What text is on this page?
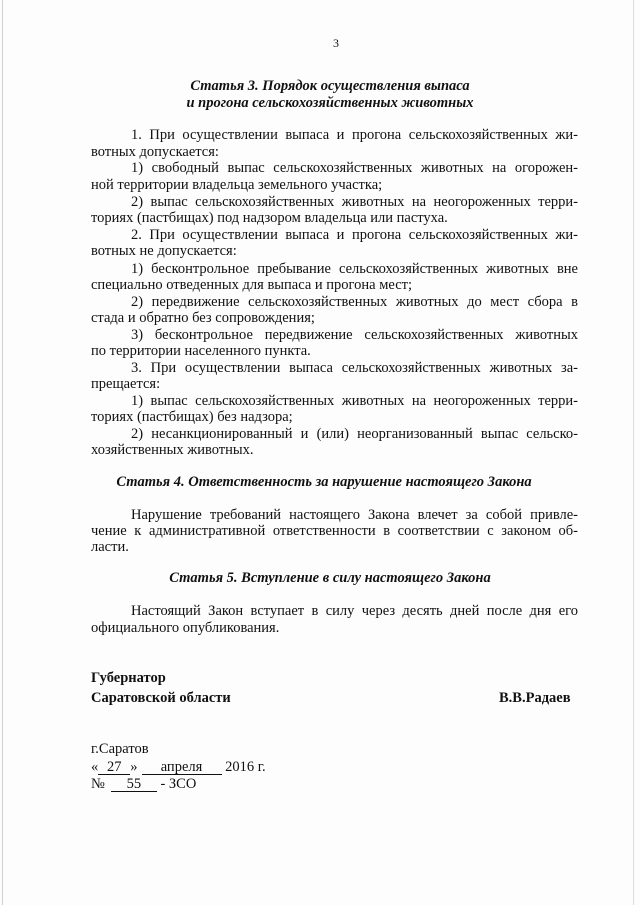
3
Статья 3. Порядок осуществления выпаса
и прогона сельскохозяйственных животных
1. При осуществлении выпаса и прогона сельскохозяйственных жи-
вотных допускается:
1) свободный выпас сельскохозяйственных животных на огорожен-
ной территории владельца земельного участка;
2) выпас сельскохозяйственных животных на неогороженных терри-
ториях (пастбищах) под надзором владельца или пастуха.
2. При осуществлении выпаса и прогона сельскохозяйственных жи-
вотных не допускается:
1) бесконтрольное пребывание сельскохозяйственных животных вне
специально отведенных для выпаса и прогона мест;
2) передвижение сельскохозяйственных животных до мест сбора в
стада и обратно без сопровождения;
3) бесконтрольное передвижение сельскохозяйственных животных
по территории населенного пункта.
3. При осуществлении выпаса сельскохозяйственных животных за-
прещается:
1) выпас сельскохозяйственных животных на неогороженных терри-
ториях (пастбищах) без надзора;
2) несанкционированный и (или) неорганизованный выпас сельско-
хозяйственных животных.
Статья 4. Ответственность за нарушение настоящего Закона
Нарушение требований настоящего Закона влечет за собой привле-
чение к административной ответственности в соответствии с законом об-
ласти.
Статья 5. Вступление в силу настоящего Закона
Настоящий Закон вступает в силу через десять дней после дня его
официального опубликования.
Губернатор
Саратовской области	В.В.Радаев
г.Саратов
« 27 » апреля 2016 г.
№ 55 - ЗСО
